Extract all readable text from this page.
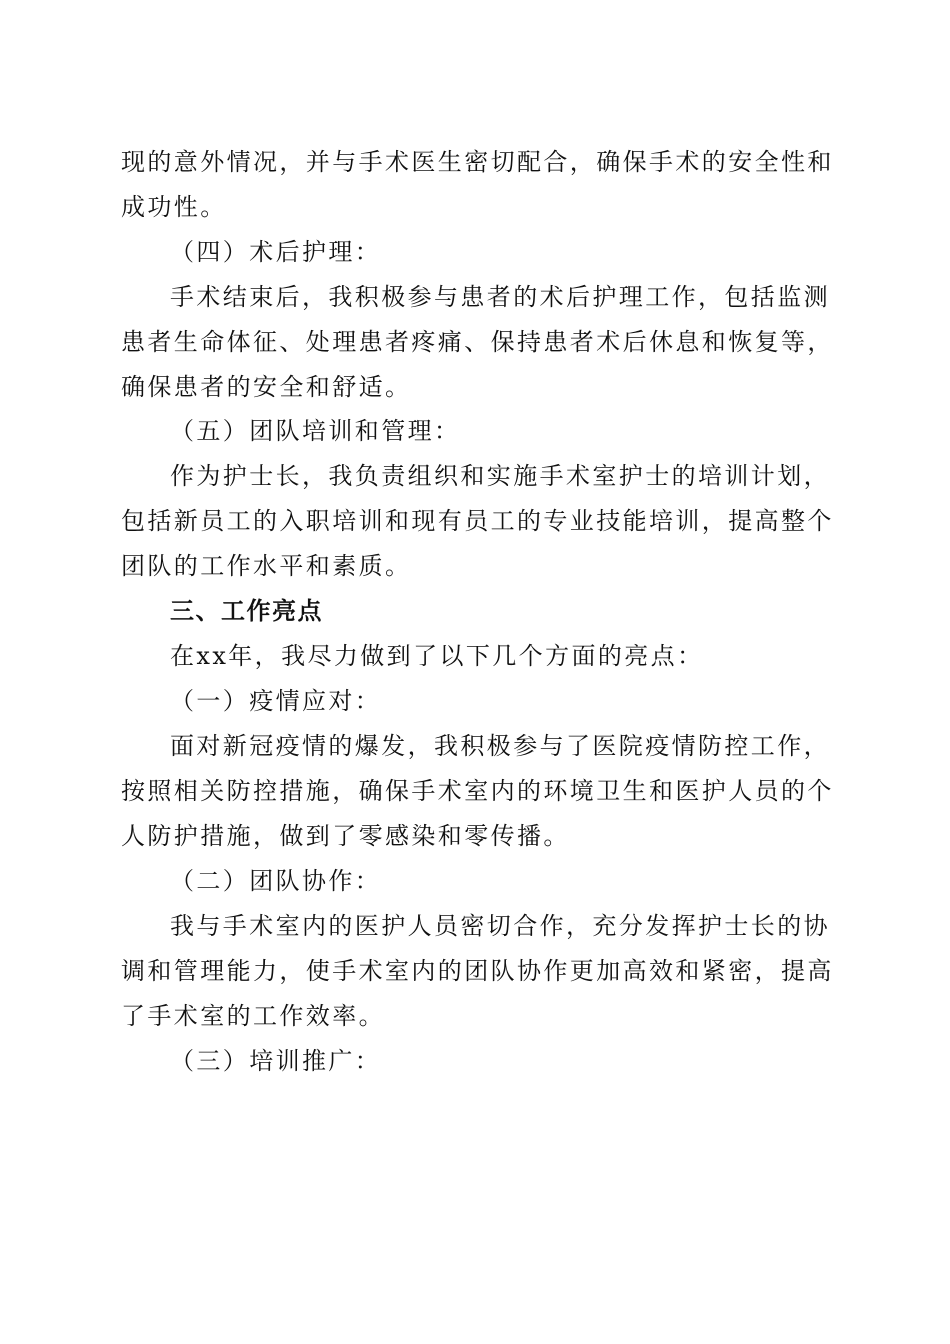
现的意外情况，并与手术医生密切配合，确保手术的安全性和
成功性。
（四）术后护理：
手术结束后，我积极参与患者的术后护理工作，包括监测
患者生命体征、处理患者疼痛、保持患者术后休息和恢复等，
确保患者的安全和舒适。
（五）团队培训和管理：
作为护士长，我负责组织和实施手术室护士的培训计划，
包括新员工的入职培训和现有员工的专业技能培训，提高整个
团队的工作水平和素质。
三、工作亮点
在xx年，我尽力做到了以下几个方面的亮点：
（一）疫情应对：
面对新冠疫情的爆发，我积极参与了医院疫情防控工作，
按照相关防控措施，确保手术室内的环境卫生和医护人员的个
人防护措施，做到了零感染和零传播。
（二）团队协作：
我与手术室内的医护人员密切合作，充分发挥护士长的协
调和管理能力，使手术室内的团队协作更加高效和紧密，提高
了手术室的工作效率。
（三）培训推广：
